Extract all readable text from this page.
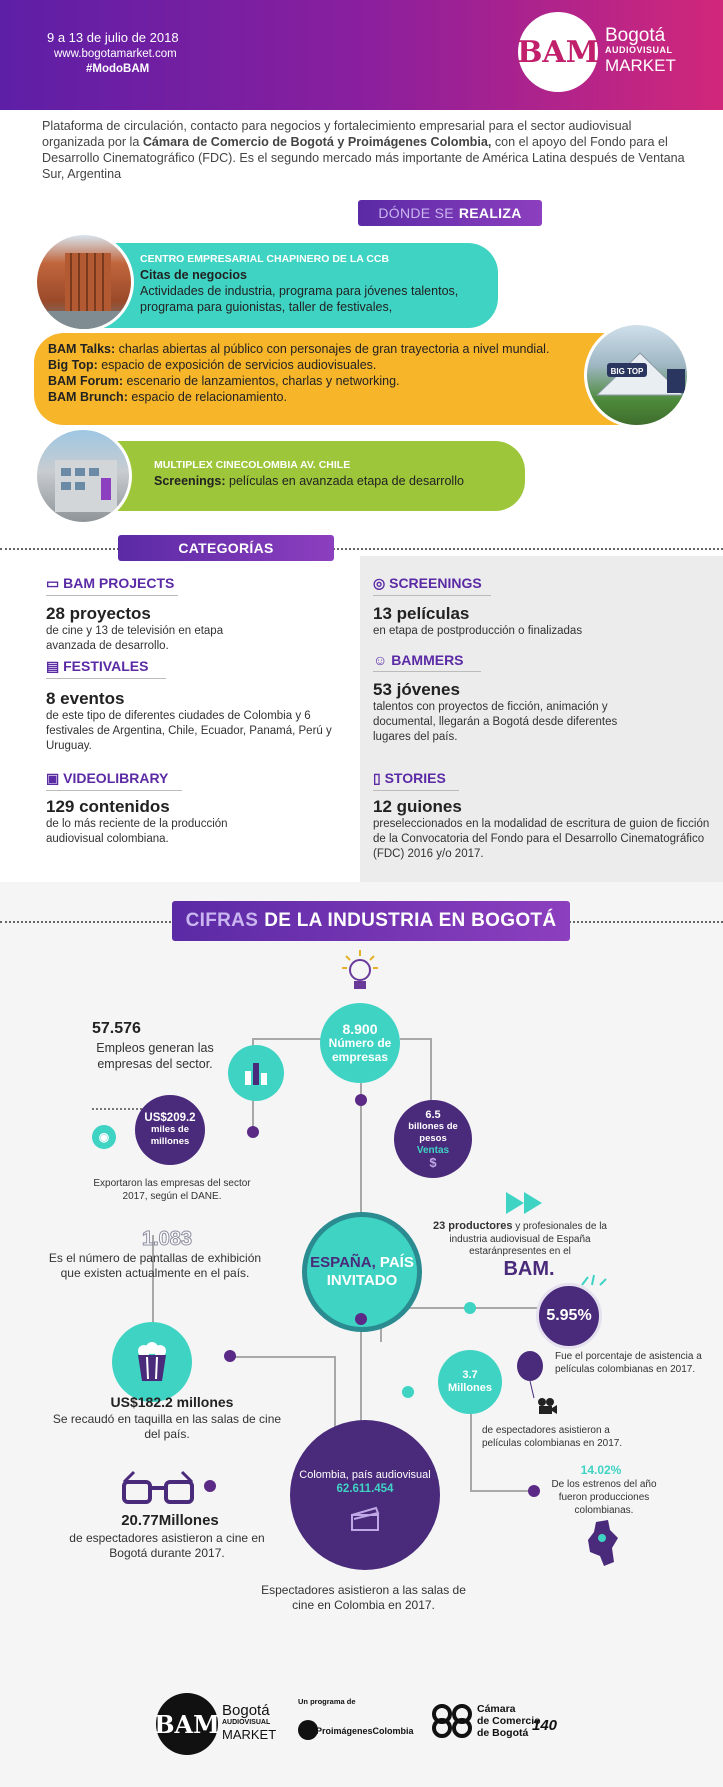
9 a 13 de julio de 2018
www.bogotamarket.com
#ModoBAM	BAM Bogotá
AUDIOVISUAL
MARKET
Plataforma de circulación, contacto para negocios y fortalecimiento empresarial para el sector audiovisual organizada por la Cámara de Comercio de Bogotá y Proimágenes Colombia, con el apoyo del Fondo para el Desarrollo Cinematográfico (FDC). Es el segundo mercado más importante de América Latina después de Ventana Sur, Argentina
DÓNDE SE REALIZA
CENTRO EMPRESARIAL CHAPINERO DE LA CCB
Citas de negocios
Actividades de industria, programa para jóvenes talentos, programa para guionistas, taller de festivales,
BAM Talks: charlas abiertas al público con personajes de gran trayectoria a nivel mundial.
Big Top: espacio de exposición de servicios audiovisuales.
BAM Forum: escenario de lanzamientos, charlas y networking.
BAM Brunch: espacio de relacionamiento.
BIG TOP
MULTIPLEX CINECOLOMBIA AV. CHILE
Screenings: películas en avanzada etapa de desarrollo
CATEGORÍAS
▭ BAM PROJECTS
28 proyectos
de cine y 13 de televisión en etapa avanzada de desarrollo.
▤ FESTIVALES
8 eventos
de este tipo de diferentes ciudades de Colombia y 6 festivales de Argentina, Chile, Ecuador, Panamá, Perú y Uruguay.
▣ VIDEOLIBRARY
129 contenidos
de lo más reciente de la producción audiovisual colombiana.
◎ SCREENINGS
13 películas
en etapa de postproducción o finalizadas
☺ BAMMERS
53 jóvenes
talentos con proyectos de ficción, animación y documental, llegarán a Bogotá desde diferentes lugares del país.
▯ STORIES
12 guiones
preseleccionados en la modalidad de escritura de guion de ficción de la Convocatoria del Fondo para el Desarrollo Cinematográfico (FDC) 2016 y/o 2017.
CIFRAS DE LA INDUSTRIA EN BOGOTÁ
8.900
Número de empresas
57.576
Empleos generan las empresas del sector.
◉
US$209.2
miles de millones
Exportaron las empresas del sector 2017, según el DANE.
6.5
billones de pesos
Ventas
$
1.083
Es el número de pantallas de exhibición que existen actualmente en el país.
ESPAÑA, PAÍS
INVITADO
23 productores y profesionales de la industria audiovisual de España estaránpresentes en el
BAM.
5.95%
Fue el porcentaje de asistencia a películas colombianas en 2017.
US$182.2 millones
Se recaudó en taquilla en las salas de cine del país.
3.7
Millones
de espectadores asistieron a películas colombianas en 2017.
14.02%
De los estrenos del año fueron producciones colombianas.
20.77Millones
de espectadores asistieron a cine en Bogotá durante 2017.
Colombia, país audiovisual
62.611.454
Espectadores asistieron a las salas de cine en Colombia en 2017.
BAM Bogotá
AUDIOVISUAL
MARKET
Un programa de
ProimágenesColombia
Cámara
de Comercio
de Bogotá 140
